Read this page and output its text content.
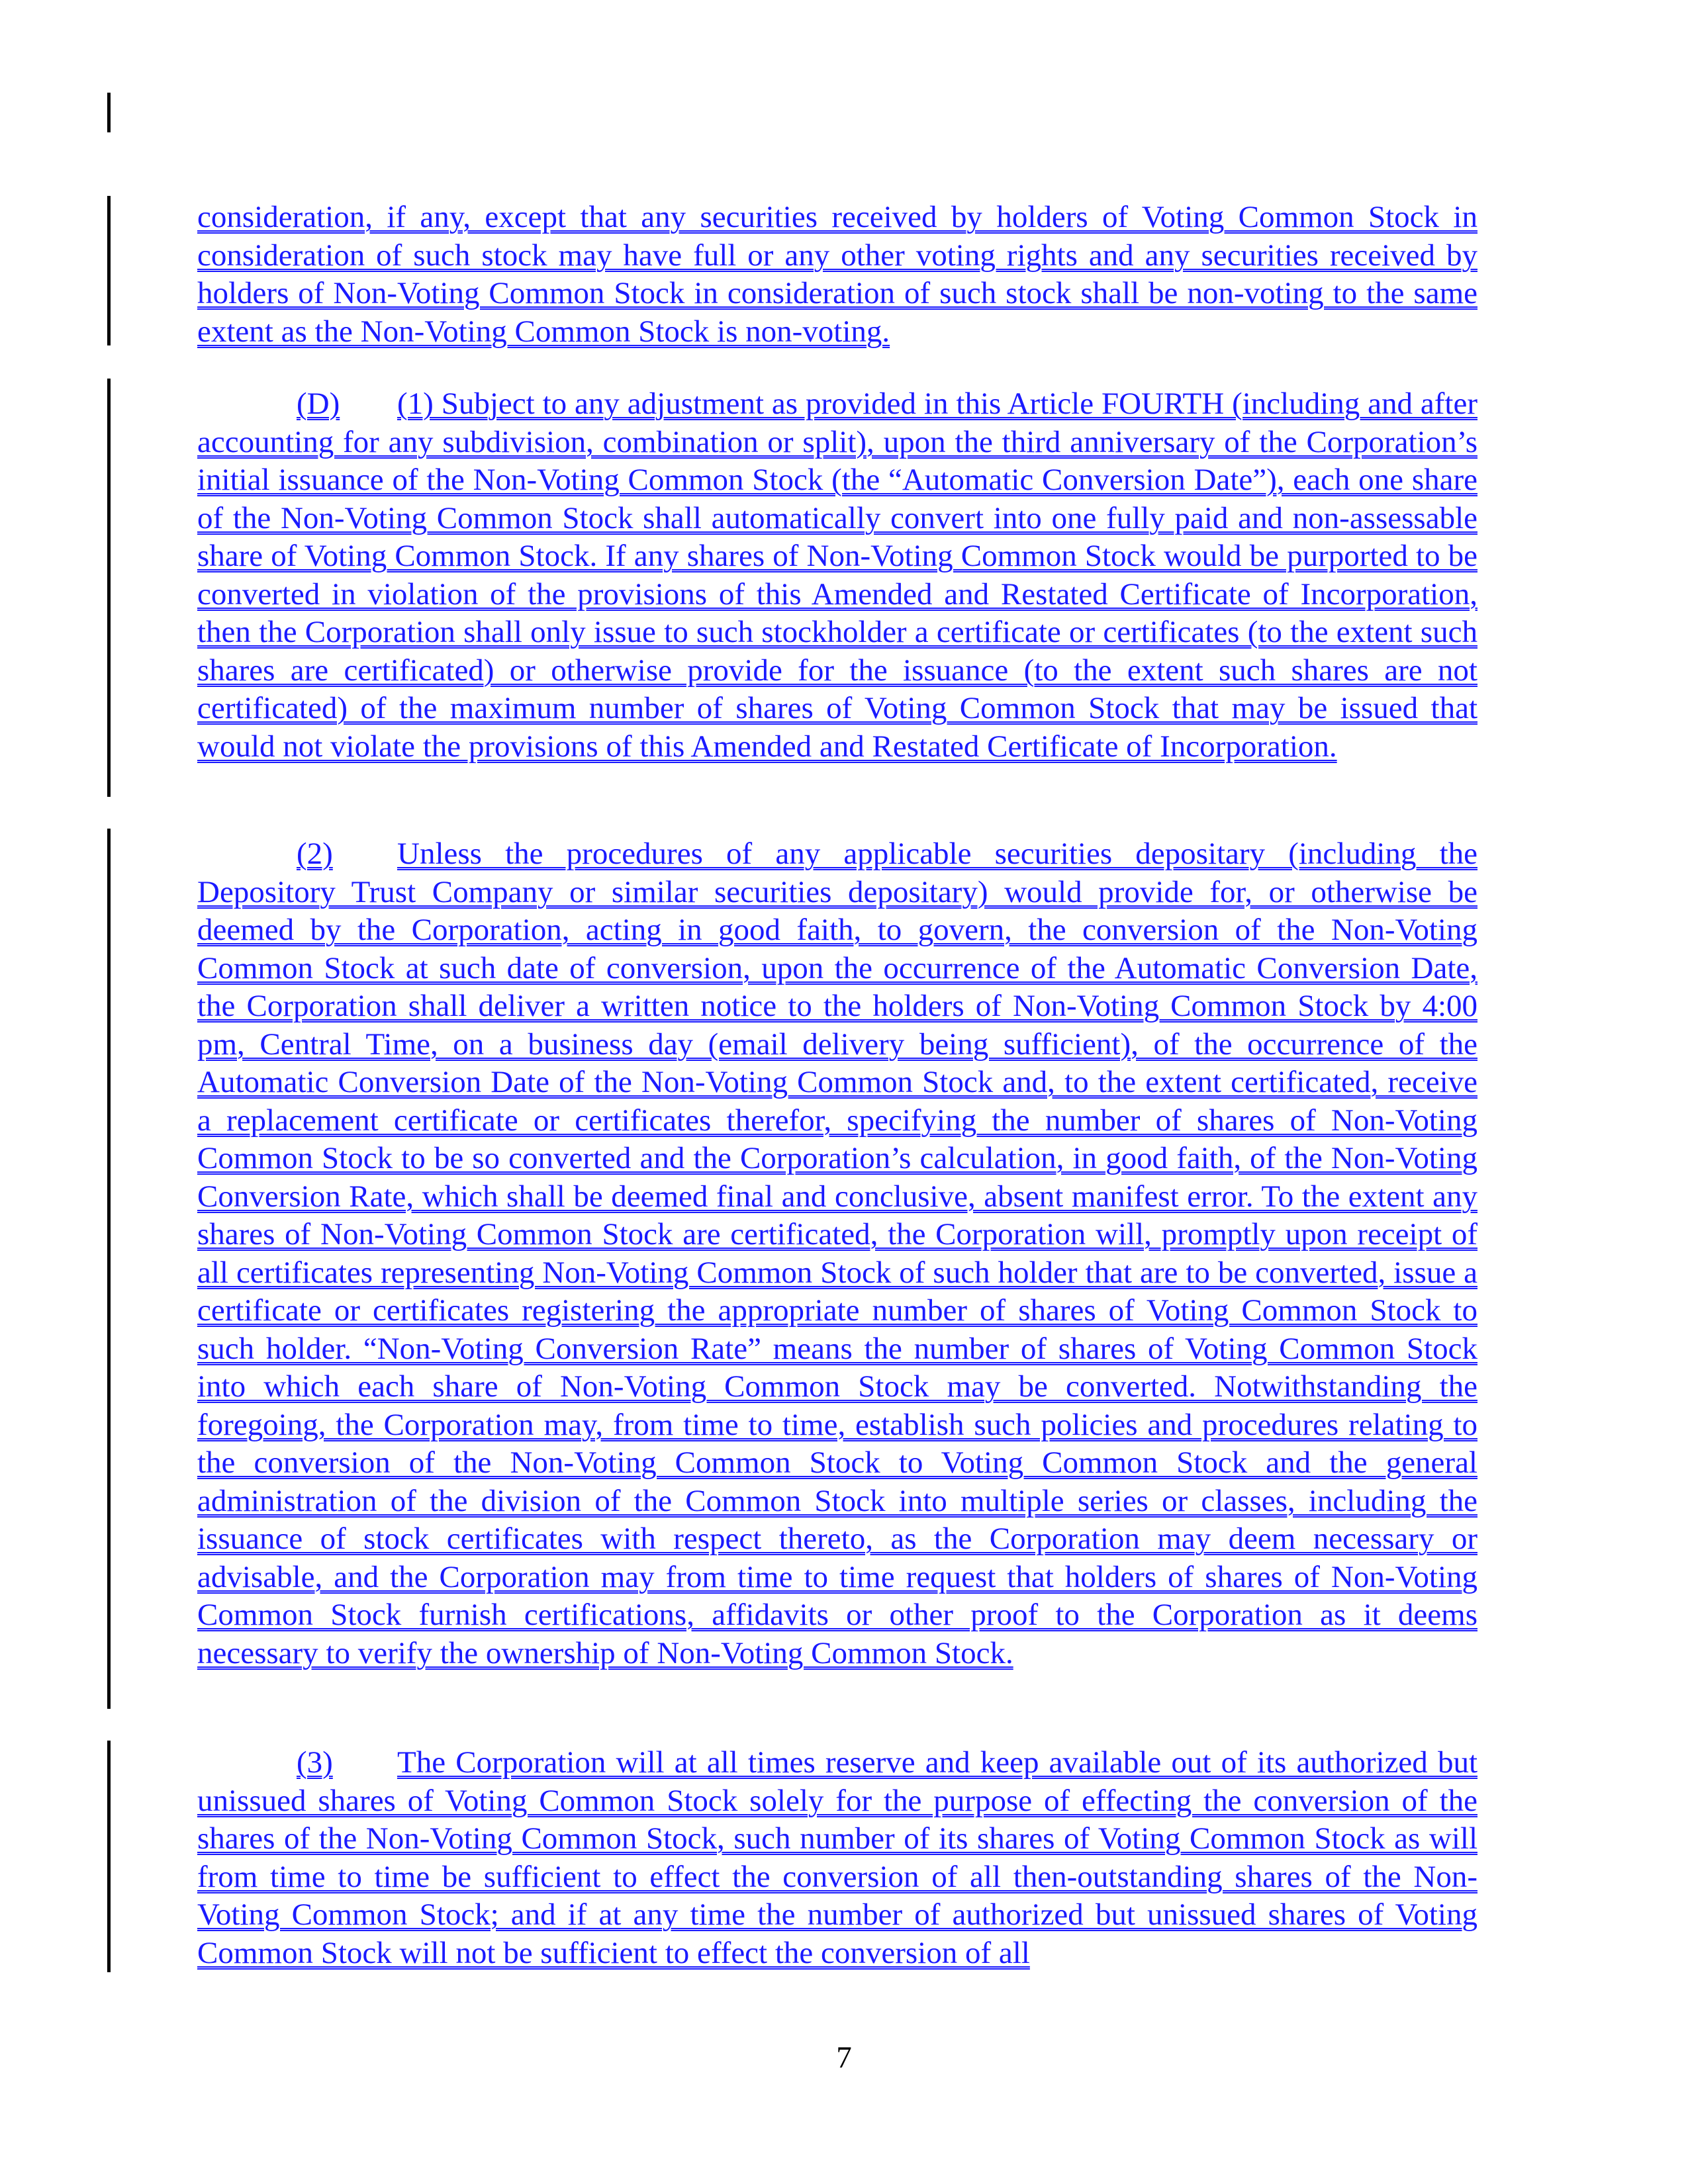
consideration, if any, except that any securities received by holders of Voting Common Stock in consideration of such stock may have full or any other voting rights and any securities received by holders of Non-Voting Common Stock in consideration of such stock shall be non-voting to the same extent as the Non-Voting Common Stock is non-voting.

(D) (1) Subject to any adjustment as provided in this Article FOURTH (including and after accounting for any subdivision, combination or split), upon the third anniversary of the Corporation’s initial issuance of the Non-Voting Common Stock (the “Automatic Conversion Date”), each one share of the Non-Voting Common Stock shall automatically convert into one fully paid and non-assessable share of Voting Common Stock. If any shares of Non-Voting Common Stock would be purported to be converted in violation of the provisions of this Amended and Restated Certificate of Incorporation, then the Corporation shall only issue to such stockholder a certificate or certificates (to the extent such shares are certificated) or otherwise provide for the issuance (to the extent such shares are not certificated) of the maximum number of shares of Voting Common Stock that may be issued that would not violate the provisions of this Amended and Restated Certificate of Incorporation.

(2) Unless the procedures of any applicable securities depositary (including the Depository Trust Company or similar securities depositary) would provide for, or otherwise be deemed by the Corporation, acting in good faith, to govern, the conversion of the Non-Voting Common Stock at such date of conversion, upon the occurrence of the Automatic Conversion Date, the Corporation shall deliver a written notice to the holders of Non-Voting Common Stock by 4:00 pm, Central Time, on a business day (email delivery being sufficient), of the occurrence of the Automatic Conversion Date of the Non-Voting Common Stock and, to the extent certificated, receive a replacement certificate or certificates therefor, specifying the number of shares of Non-Voting Common Stock to be so converted and the Corporation’s calculation, in good faith, of the Non-Voting Conversion Rate, which shall be deemed final and conclusive, absent manifest error. To the extent any shares of Non-Voting Common Stock are certificated, the Corporation will, promptly upon receipt of all certificates representing Non-Voting Common Stock of such holder that are to be converted, issue a certificate or certificates registering the appropriate number of shares of Voting Common Stock to such holder. “Non-Voting Conversion Rate” means the number of shares of Voting Common Stock into which each share of Non-Voting Common Stock may be converted. Notwithstanding the foregoing, the Corporation may, from time to time, establish such policies and procedures relating to the conversion of the Non-Voting Common Stock to Voting Common Stock and the general administration of the division of the Common Stock into multiple series or classes, including the issuance of stock certificates with respect thereto, as the Corporation may deem necessary or advisable, and the Corporation may from time to time request that holders of shares of Non-Voting Common Stock furnish certifications, affidavits or other proof to the Corporation as it deems necessary to verify the ownership of Non-Voting Common Stock.

(3) The Corporation will at all times reserve and keep available out of its authorized but unissued shares of Voting Common Stock solely for the purpose of effecting the conversion of the shares of the Non-Voting Common Stock, such number of its shares of Voting Common Stock as will from time to time be sufficient to effect the conversion of all then-outstanding shares of the Non-Voting Common Stock; and if at any time the number of authorized but unissued shares of Voting Common Stock will not be sufficient to effect the conversion of all

7
